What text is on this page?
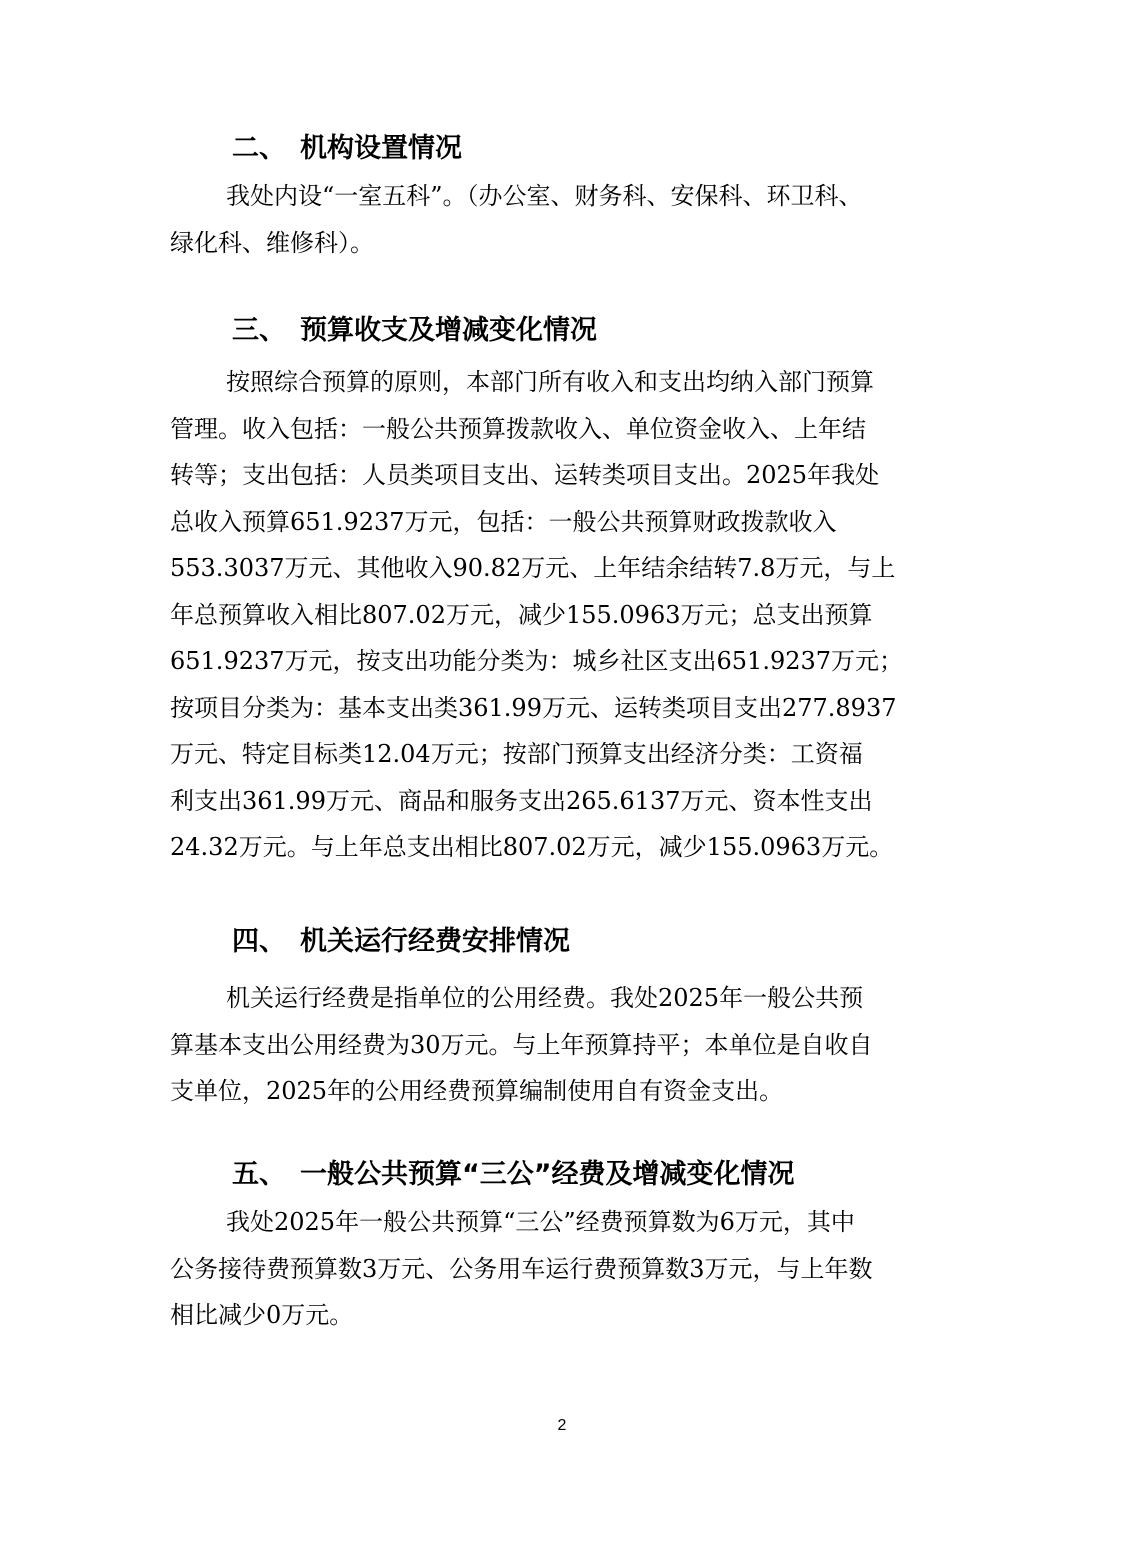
二、 机构设置情况
我处内设“一室五科”。（办公室、财务科、安保科、环卫科、
绿化科、维修科）。
三、 预算收支及增减变化情况
按照综合预算的原则，本部门所有收入和支出均纳入部门预算
管理。收入包括：一般公共预算拨款收入、单位资金收入、上年结
转等；支出包括：人员类项目支出、运转类项目支出。2025年我处
总收入预算651.9237万元，包括：一般公共预算财政拨款收入
553.3037万元、其他收入90.82万元、上年结余结转7.8万元，与上
年总预算收入相比807.02万元，减少155.0963万元；总支出预算
651.9237万元，按支出功能分类为：城乡社区支出651.9237万元；
按项目分类为：基本支出类361.99万元、运转类项目支出277.8937
万元、特定目标类12.04万元；按部门预算支出经济分类：工资福
利支出361.99万元、商品和服务支出265.6137万元、资本性支出
24.32万元。与上年总支出相比807.02万元，减少155.0963万元。
四、 机关运行经费安排情况
机关运行经费是指单位的公用经费。我处2025年一般公共预
算基本支出公用经费为30万元。与上年预算持平；本单位是自收自
支单位，2025年的公用经费预算编制使用自有资金支出。
五、 一般公共预算“三公”经费及增减变化情况
我处2025年一般公共预算“三公”经费预算数为6万元，其中
公务接待费预算数3万元、公务用车运行费预算数3万元，与上年数
相比减少0万元。
2
